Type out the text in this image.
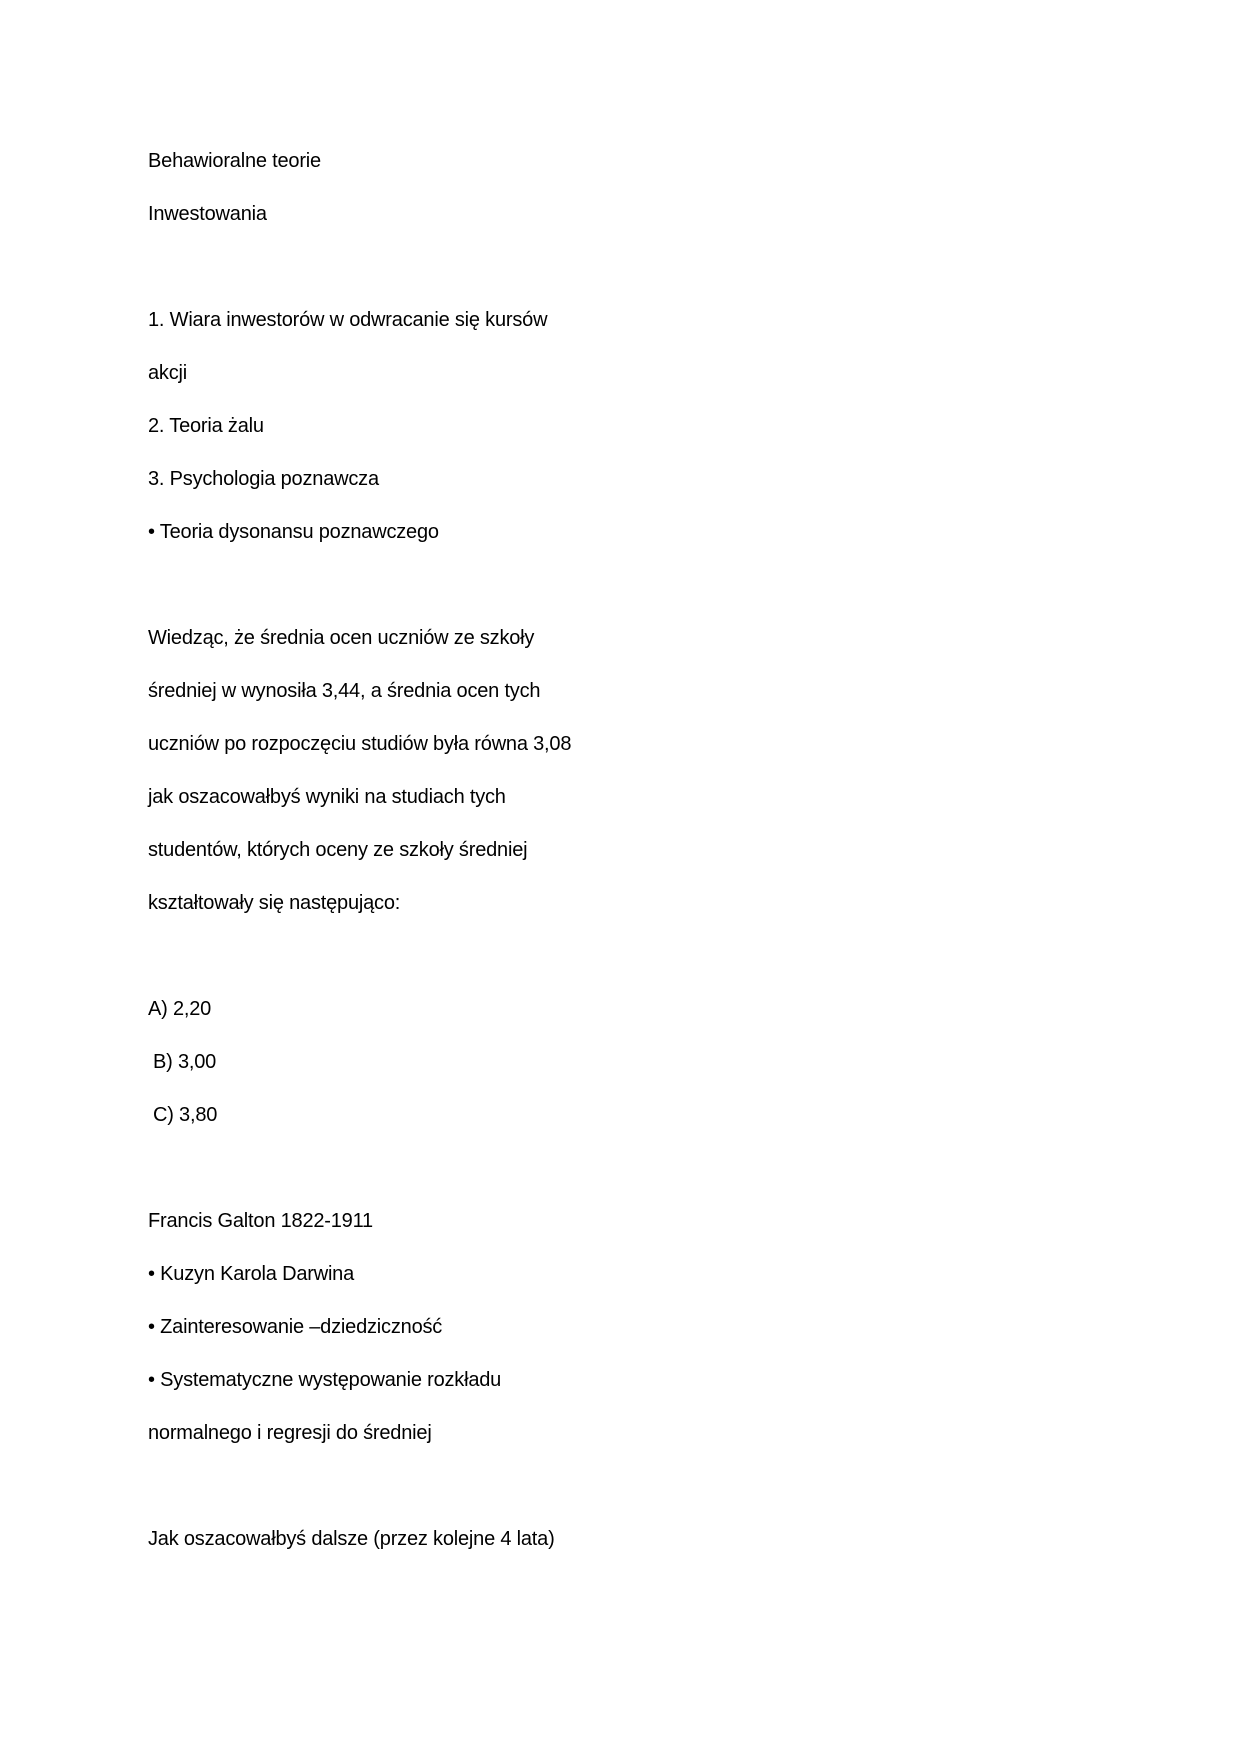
Behawioralne teorie
Inwestowania
1. Wiara inwestorów w odwracanie się kursów
akcji
2. Teoria żalu
3. Psychologia poznawcza
• Teoria dysonansu poznawczego
Wiedząc, że średnia ocen uczniów ze szkoły
średniej w wynosiła 3,44, a średnia ocen tych
uczniów po rozpoczęciu studiów była równa 3,08
jak oszacowałbyś wyniki na studiach tych
studentów, których oceny ze szkoły średniej
kształtowały się następująco:
A) 2,20
B) 3,00
C) 3,80
Francis Galton 1822-1911
• Kuzyn Karola Darwina
• Zainteresowanie –dziedziczność
• Systematyczne występowanie rozkładu
normalnego i regresji do średniej
Jak oszacowałbyś dalsze (przez kolejne 4 lata)
